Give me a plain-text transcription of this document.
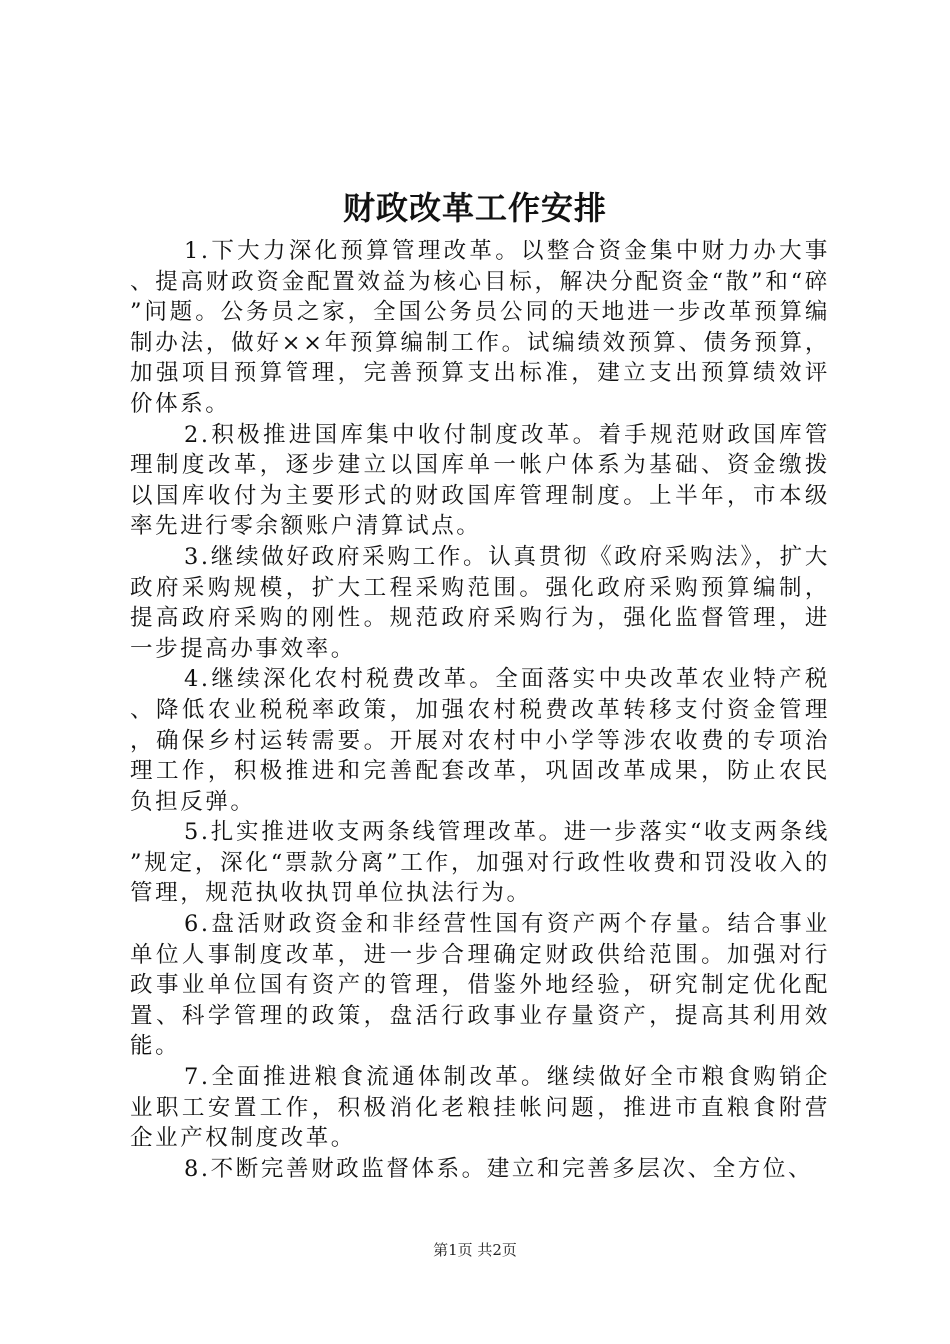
财政改革工作安排

1.下大力深化预算管理改革。以整合资金集中财力办大事、提高财政资金配置效益为核心目标，解决分配资金“散”和“碎”问题。公务员之家，全国公务员公同的天地进一步改革预算编制办法，做好××年预算编制工作。试编绩效预算、债务预算，加强项目预算管理，完善预算支出标准，建立支出预算绩效评价体系。

2.积极推进国库集中收付制度改革。着手规范财政国库管理制度改革，逐步建立以国库单一帐户体系为基础、资金缴拨以国库收付为主要形式的财政国库管理制度。上半年，市本级率先进行零余额账户清算试点。

3.继续做好政府采购工作。认真贯彻《政府采购法》，扩大政府采购规模，扩大工程采购范围。强化政府采购预算编制，提高政府采购的刚性。规范政府采购行为，强化监督管理，进一步提高办事效率。

4.继续深化农村税费改革。全面落实中央改革农业特产税、降低农业税税率政策，加强农村税费改革转移支付资金管理，确保乡村运转需要。开展对农村中小学等涉农收费的专项治理工作，积极推进和完善配套改革，巩固改革成果，防止农民负担反弹。

5.扎实推进收支两条线管理改革。进一步落实“收支两条线”规定，深化“票款分离”工作，加强对行政性收费和罚没收入的管理，规范执收执罚单位执法行为。

6.盘活财政资金和非经营性国有资产两个存量。结合事业单位人事制度改革，进一步合理确定财政供给范围。加强对行政事业单位国有资产的管理，借鉴外地经验，研究制定优化配置、科学管理的政策，盘活行政事业存量资产，提高其利用效能。

7.全面推进粮食流通体制改革。继续做好全市粮食购销企业职工安置工作，积极消化老粮挂帐问题，推进市直粮食附营企业产权制度改革。

8.不断完善财政监督体系。建立和完善多层次、全方位、

第1页 共2页
